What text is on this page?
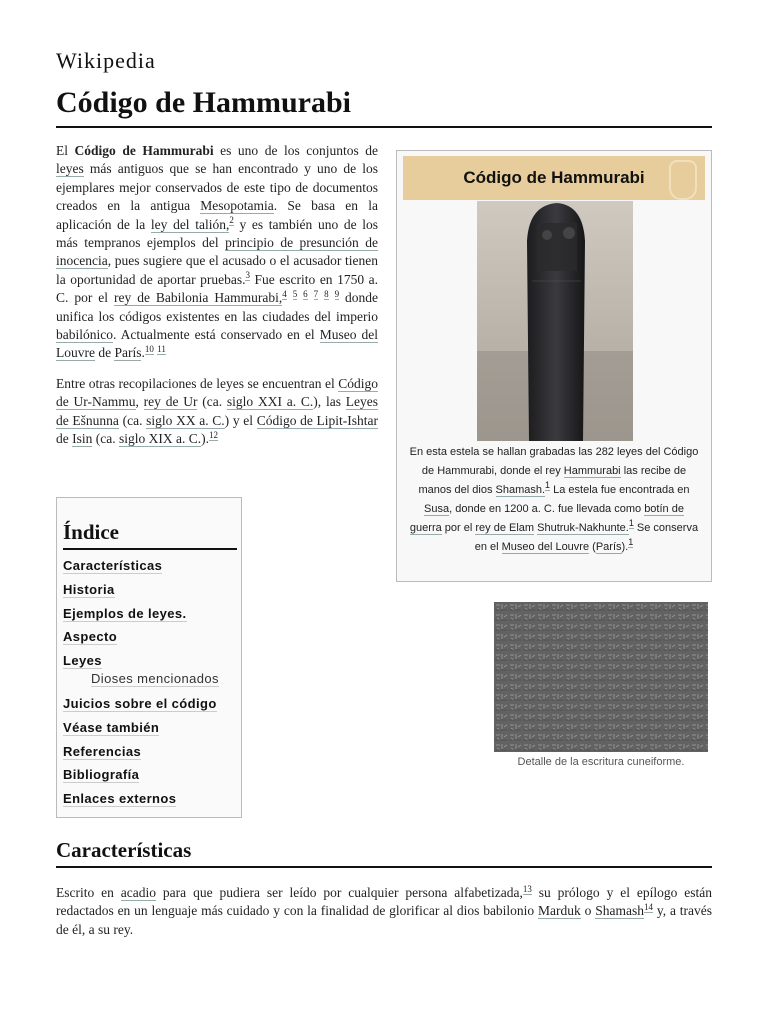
Wikipedia
Código de Hammurabi

El Código de Hammurabi es uno de los conjuntos de leyes más antiguos que se han encontrado y uno de los ejemplares mejor conservados de este tipo de documentos creados en la antigua Mesopotamia. Se basa en la aplicación de la ley del talión,$^2$ y es también uno de los más tempranos ejemplos del principio de presunción de inocencia, pues sugiere que el acusado o el acusador tienen la oportunidad de aportar pruebas.$^3$ Fue escrito en 1750 a. C. por el rey de Babilonia Hammurabi,$^4$ $^5$ $^6$ $^7$ $^8$ $^9$ donde unifica los códigos existentes en las ciudades del imperio babilónico. Actualmente está conservado en el Museo del Louvre de París.$^{10}$ $^{11}$

Entre otras recopilaciones de leyes se encuentran el Código de Ur-Nammu, rey de Ur (ca. siglo XXI a. C.), las Leyes de Ešnunna (ca. siglo XX a. C.) y el Código de Lipit-Ishtar de Isin (ca. siglo XIX a. C.).$^{12}$

Código de Hammurabi
En esta estela se hallan grabadas las 282 leyes del Código de Hammurabi, donde el rey Hammurabi las recibe de manos del dios Shamash.$^1$ La estela fue encontrada en Susa, donde en 1200 a. C. fue llevada como botín de guerra por el rey de Elam Shutruk-Nakhunte.$^1$ Se conserva en el Museo del Louvre (París).$^1$
Detalle de la escritura cuneiforme.
Índice
Características
Historia
Ejemplos de leyes.
Aspecto
Leyes
Dioses mencionados
Juicios sobre el código
Véase también
Referencias
Bibliografía
Enlaces externos
Características
Escrito en acadio para que pudiera ser leído por cualquier persona alfabetizada,$^{13}$ su prólogo y el epílogo están redactados en un lenguaje más cuidado y con la finalidad de glorificar al dios babilonio Marduk o Shamash$^{14}$ y, a través de él, a su rey.
